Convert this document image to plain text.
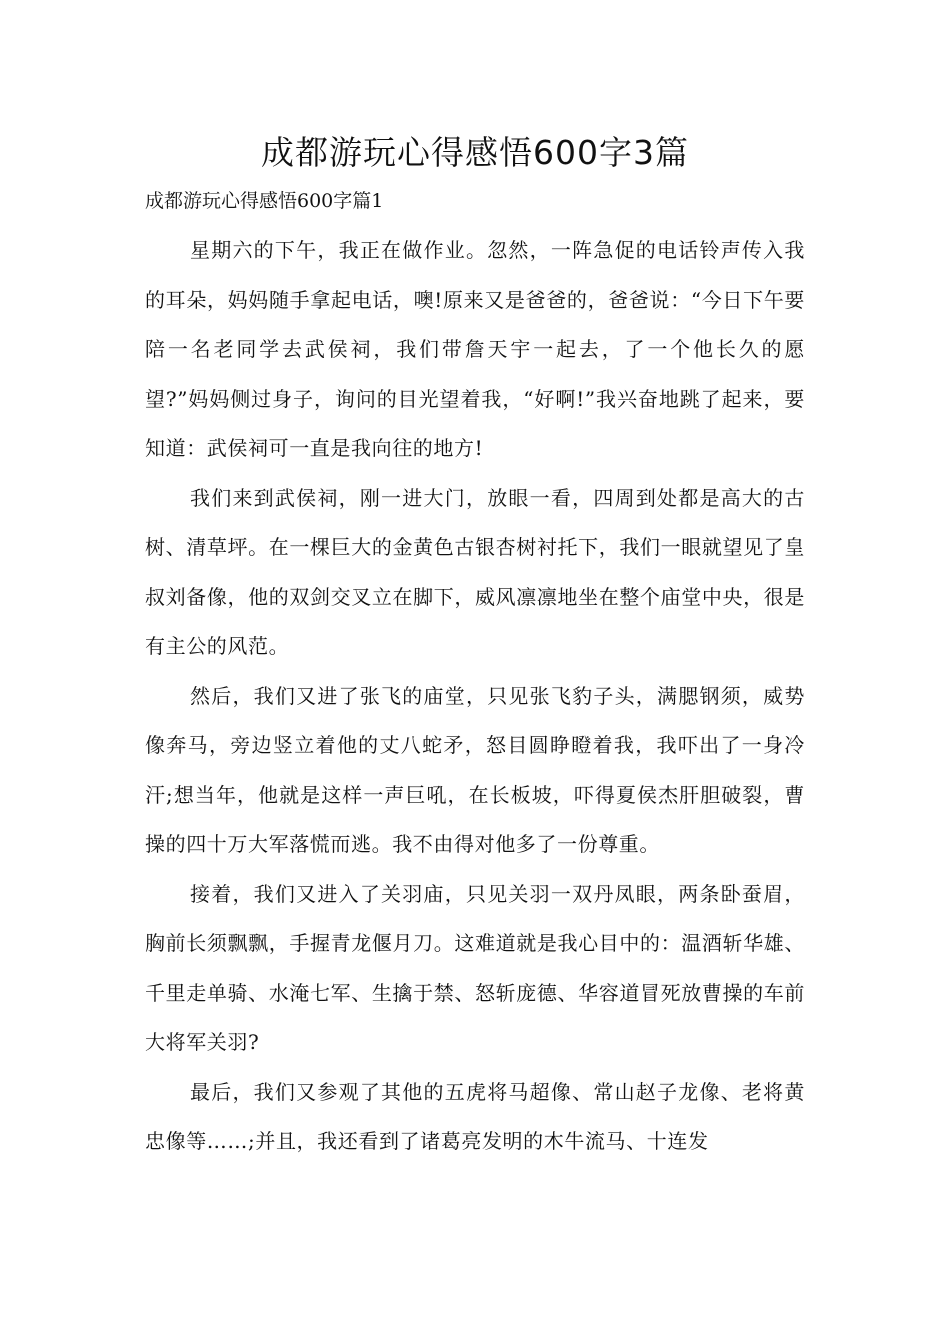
成都游玩心得感悟600字3篇

成都游玩心得感悟600字篇1

星期六的下午，我正在做作业。忽然，一阵急促的电话铃声传入我的耳朵，妈妈随手拿起电话，噢!原来又是爸爸的，爸爸说：“今日下午要陪一名老同学去武侯祠，我们带詹天宇一起去，了一个他长久的愿望?”妈妈侧过身子，询问的目光望着我，“好啊!”我兴奋地跳了起来，要知道：武侯祠可一直是我向往的地方!

我们来到武侯祠，刚一进大门，放眼一看，四周到处都是高大的古树、清草坪。在一棵巨大的金黄色古银杏树衬托下，我们一眼就望见了皇叔刘备像，他的双剑交叉立在脚下，威风凛凛地坐在整个庙堂中央，很是有主公的风范。

然后，我们又进了张飞的庙堂，只见张飞豹子头，满腮钢须，威势像奔马，旁边竖立着他的丈八蛇矛，怒目圆睁瞪着我，我吓出了一身冷汗;想当年，他就是这样一声巨吼，在长板坡，吓得夏侯杰肝胆破裂，曹操的四十万大军落慌而逃。我不由得对他多了一份尊重。

接着，我们又进入了关羽庙，只见关羽一双丹凤眼，两条卧蚕眉，胸前长须飘飘，手握青龙偃月刀。这难道就是我心目中的：温酒斩华雄、千里走单骑、水淹七军、生擒于禁、怒斩庞德、华容道冒死放曹操的车前大将军关羽?

最后，我们又参观了其他的五虎将马超像、常山赵子龙像、老将黄忠像等……;并且，我还看到了诸葛亮发明的木牛流马、十连发
